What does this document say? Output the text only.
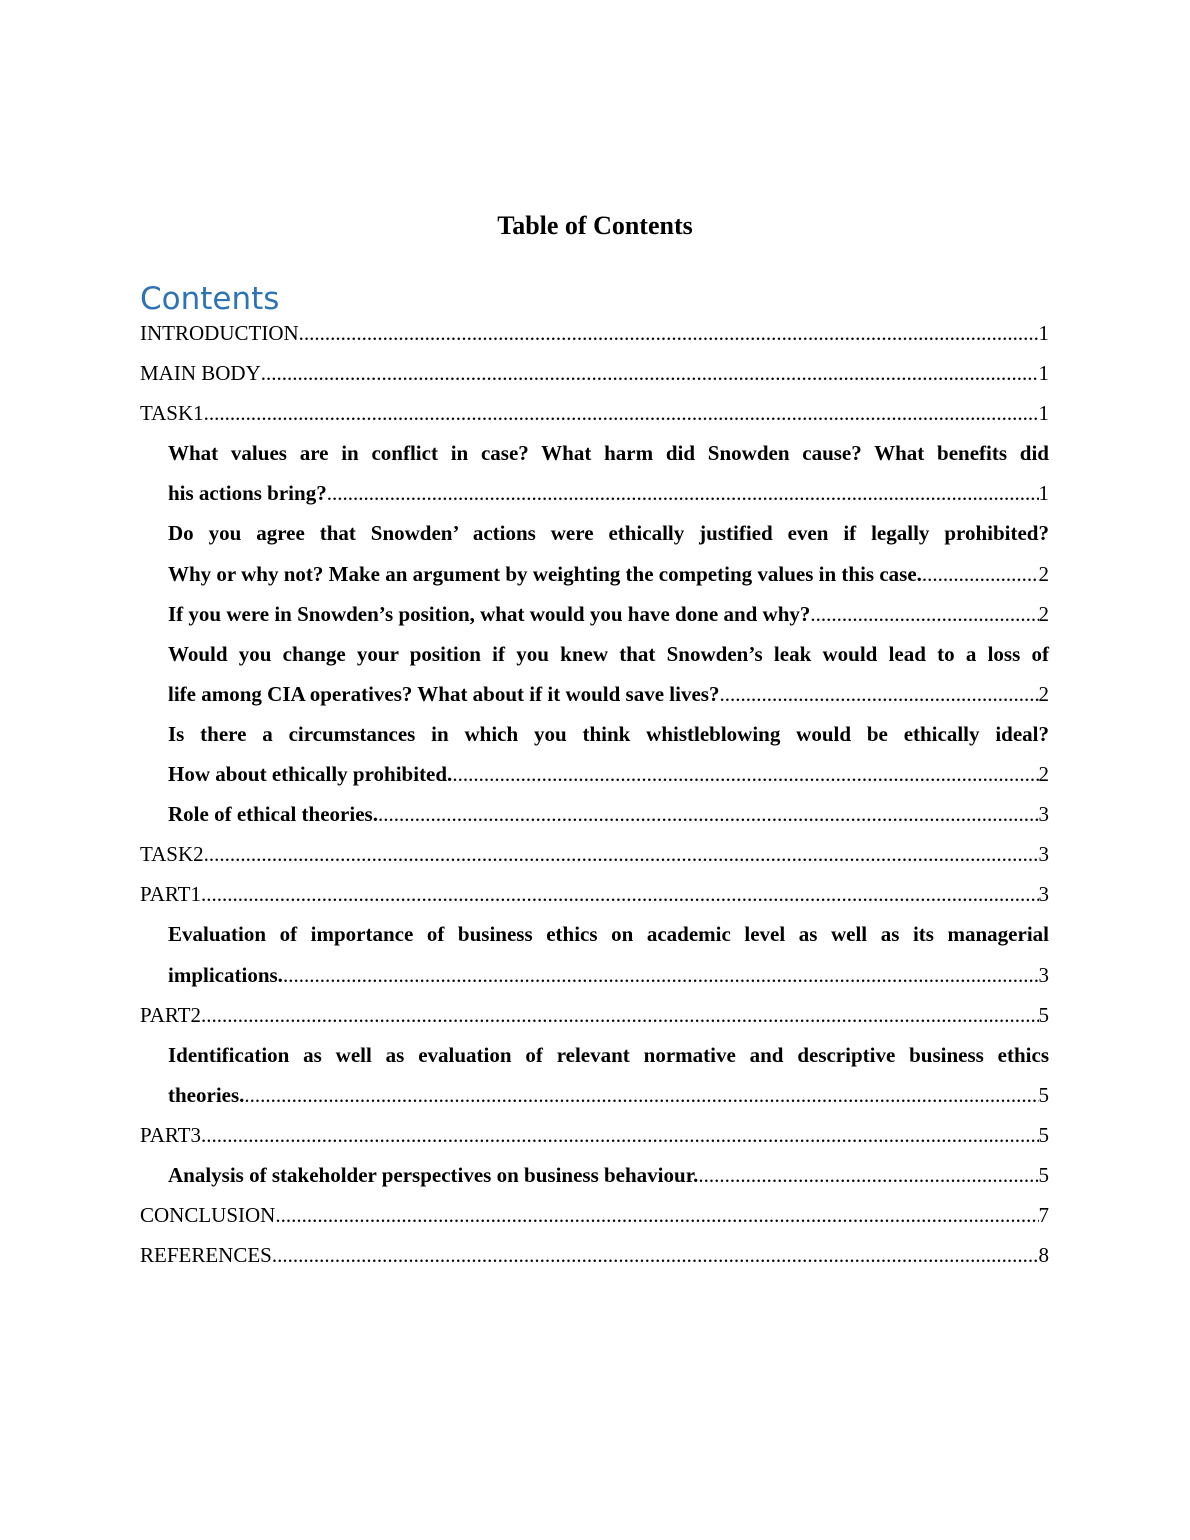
Table of Contents
Contents
INTRODUCTION .....	1
MAIN BODY .....	1
TASK1 .....	1
What values are in conflict in case? What harm did Snowden cause? What benefits did
his actions bring? .....	1
Do you agree that Snowden’ actions were ethically justified even if legally prohibited?
Why or why not? Make an argument by weighting the competing values in this case. .....	2
If you were in Snowden’s position, what would you have done and why? .....	2
Would you change your position if you knew that Snowden’s leak would lead to a loss of
life among CIA operatives? What about if it would save lives? .....	2
Is there a circumstances in which you think whistleblowing would be ethically ideal?
How about ethically prohibited. .....	2
Role of ethical theories. .....	3
TASK2 .....	3
PART1 .....	3
Evaluation of importance of business ethics on academic level as well as its managerial
implications. .....	3
PART2 .....	5
Identification as well as evaluation of relevant normative and descriptive business ethics
theories. .....	5
PART3 .....	5
Analysis of stakeholder perspectives on business behaviour. .....	5
CONCLUSION .....	7
REFERENCES .....	8
